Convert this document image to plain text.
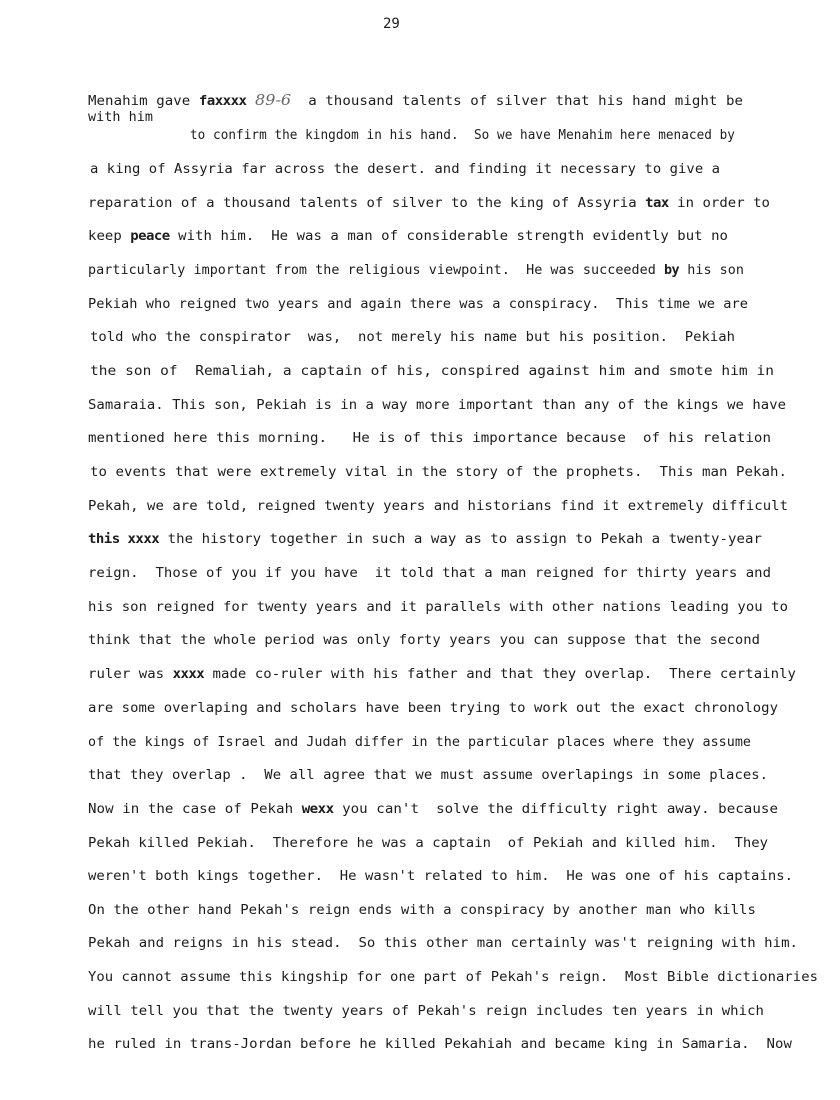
29
Menahim gave faxxxx 89-6  a thousand talents of silver that his hand might be
with him
to confirm the kingdom in his hand.  So we have Menahim here menaced by
a king of Assyria far across the desert. and finding it necessary to give a
reparation of a thousand talents of silver to the king of Assyria tax in order to
keep peace with him.  He was a man of considerable strength evidently but no
particularly important from the religious viewpoint.  He was succeeded by his son
Pekiah who reigned two years and again there was a conspiracy.  This time we are
told who the conspirator  was,  not merely his name but his position.  Pekiah
the son of  Remaliah, a captain of his, conspired against him and smote him in
Samaraia. This son, Pekiah is in a way more important than any of the kings we have
mentioned here this morning.   He is of this importance because  of his relation
to events that were extremely vital in the story of the prophets.  This man Pekah.
Pekah, we are told, reigned twenty years and historians find it extremely difficult
this xxxx the history together in such a way as to assign to Pekah a twenty-year
reign.  Those of you if you have  it told that a man reigned for thirty years and
his son reigned for twenty years and it parallels with other nations leading you to
think that the whole period was only forty years you can suppose that the second
ruler was xxxx made co-ruler with his father and that they overlap.  There certainly
are some overlaping and scholars have been trying to work out the exact chronology
of the kings of Israel and Judah differ in the particular places where they assume
that they overlap .  We all agree that we must assume overlapings in some places.
Now in the case of Pekah wexx you can't  solve the difficulty right away. because
Pekah killed Pekiah.  Therefore he was a captain  of Pekiah and killed him.  They
weren't both kings together.  He wasn't related to him.  He was one of his captains.
On the other hand Pekah's reign ends with a conspiracy by another man who kills
Pekah and reigns in his stead.  So this other man certainly was't reigning with him.
You cannot assume this kingship for one part of Pekah's reign.  Most Bible dictionaries
will tell you that the twenty years of Pekah's reign includes ten years in which
he ruled in trans-Jordan before he killed Pekahiah and became king in Samaria.  Now
